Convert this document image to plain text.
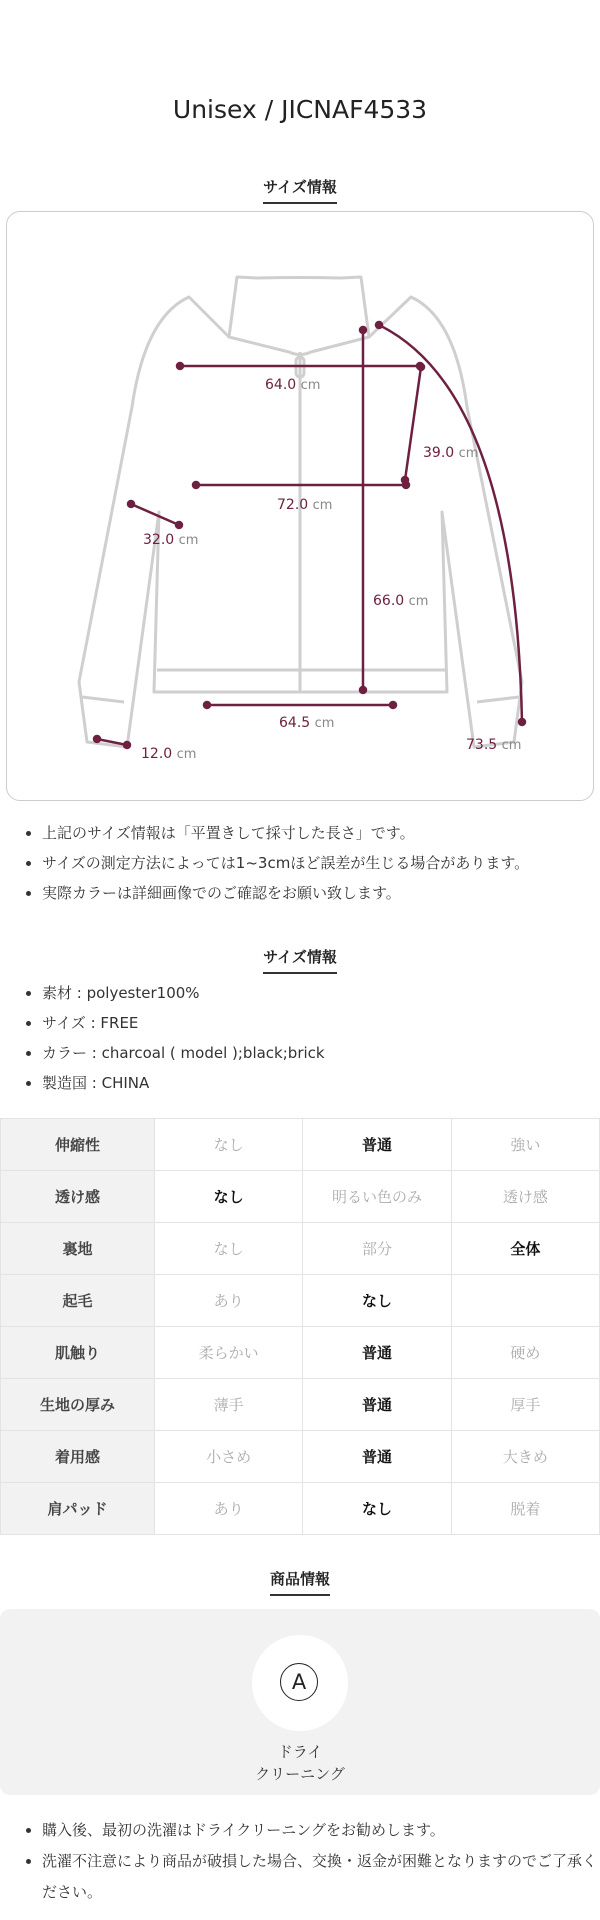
Unisex / JICNAF4533
サイズ情報
64.0 cm
39.0 cm
72.0 cm
32.0 cm
66.0 cm
64.5 cm
12.0 cm
73.5 cm
• 上記のサイズ情報は「平置きして採寸した長さ」です。
• サイズの測定方法によっては1~3cmほど誤差が生じる場合があります。
• 実際カラーは詳細画像でのご確認をお願い致します。
サイズ情報
• 素材 : polyester100%
• サイズ : FREE
• カラー : charcoal ( model );black;brick
• 製造国 : CHINA
伸縮性	なし	普通	強い
透け感	なし	明るい色のみ	透け感
裏地	なし	部分	全体
起毛	あり	なし	
肌触り	柔らかい	普通	硬め
生地の厚み	薄手	普通	厚手
着用感	小さめ	普通	大きめ
肩パッド	あり	なし	脱着
商品情報
A
ドライ
クリーニング
• 購入後、最初の洗濯はドライクリーニングをお勧めします。
• 洗濯不注意により商品が破損した場合、交換・返金が困難となりますのでご了承ください。
